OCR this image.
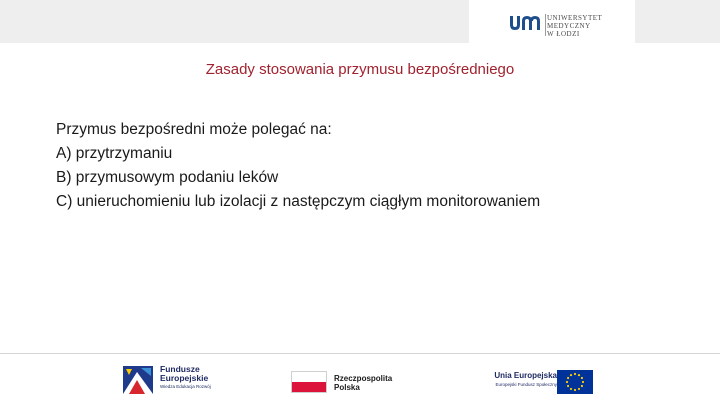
UNIWERSYTET
MEDYCZNY
W ŁODZI
Zasady stosowania przymusu bezpośredniego
Przymus bezpośredni może polegać na:
A) przytrzymaniu
B) przymusowym podaniu leków
C) unieruchomieniu lub izolacji z następczym ciągłym monitorowaniem
Fundusze
Europejskie
Wiedza Edukacja Rozwój
Rzeczpospolita
Polska
Unia Europejska
Europejski Fundusz Społeczny
